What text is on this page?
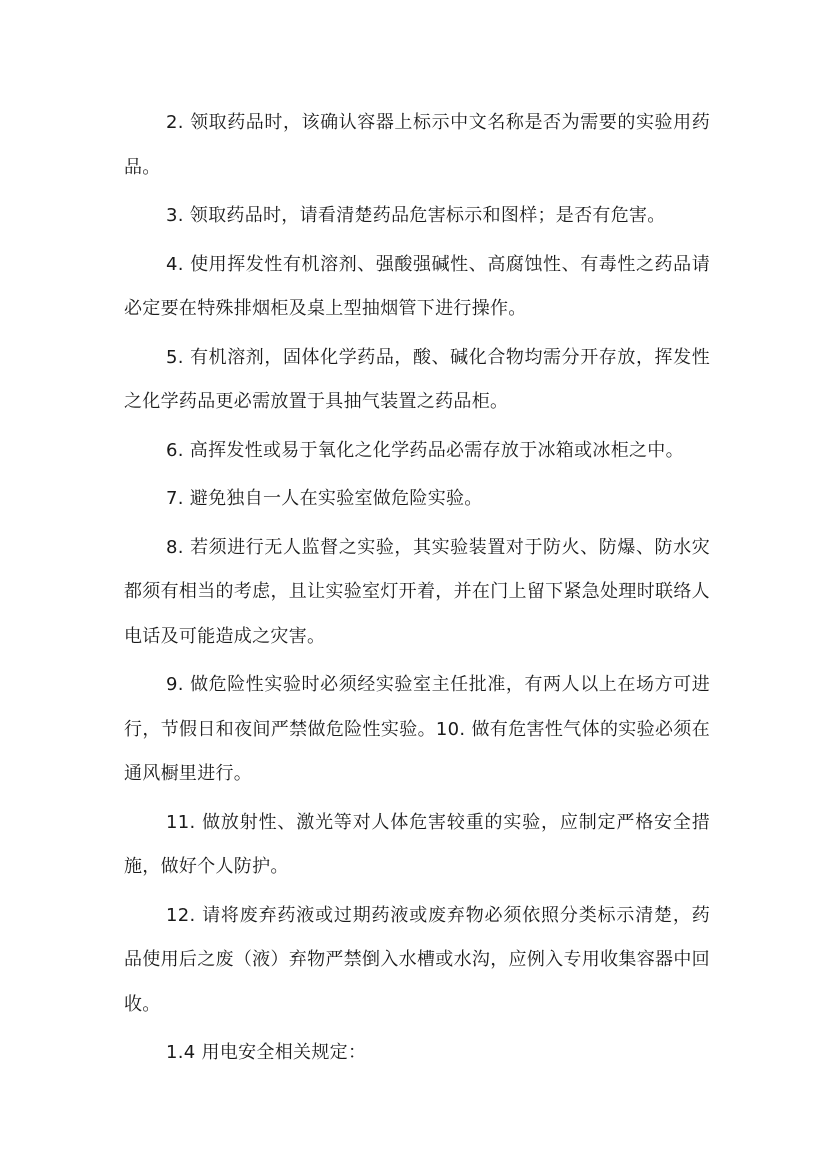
2. 领取药品时，该确认容器上标示中文名称是否为需要的实验用药品。

3. 领取药品时，请看清楚药品危害标示和图样；是否有危害。

4. 使用挥发性有机溶剂、强酸强碱性、高腐蚀性、有毒性之药品请必定要在特殊排烟柜及桌上型抽烟管下进行操作。

5. 有机溶剂，固体化学药品，酸、碱化合物均需分开存放，挥发性之化学药品更必需放置于具抽气装置之药品柜。

6. 高挥发性或易于氧化之化学药品必需存放于冰箱或冰柜之中。

7. 避免独自一人在实验室做危险实验。

8. 若须进行无人监督之实验，其实验装置对于防火、防爆、防水灾都须有相当的考虑，且让实验室灯开着，并在门上留下紧急处理时联络人电话及可能造成之灾害。

9. 做危险性实验时必须经实验室主任批准，有两人以上在场方可进行，节假日和夜间严禁做危险性实验。10. 做有危害性气体的实验必须在通风橱里进行。

11. 做放射性、激光等对人体危害较重的实验，应制定严格安全措施，做好个人防护。

12. 请将废弃药液或过期药液或废弃物必须依照分类标示清楚，药品使用后之废（液）弃物严禁倒入水槽或水沟，应例入专用收集容器中回收。

1.4 用电安全相关规定：
